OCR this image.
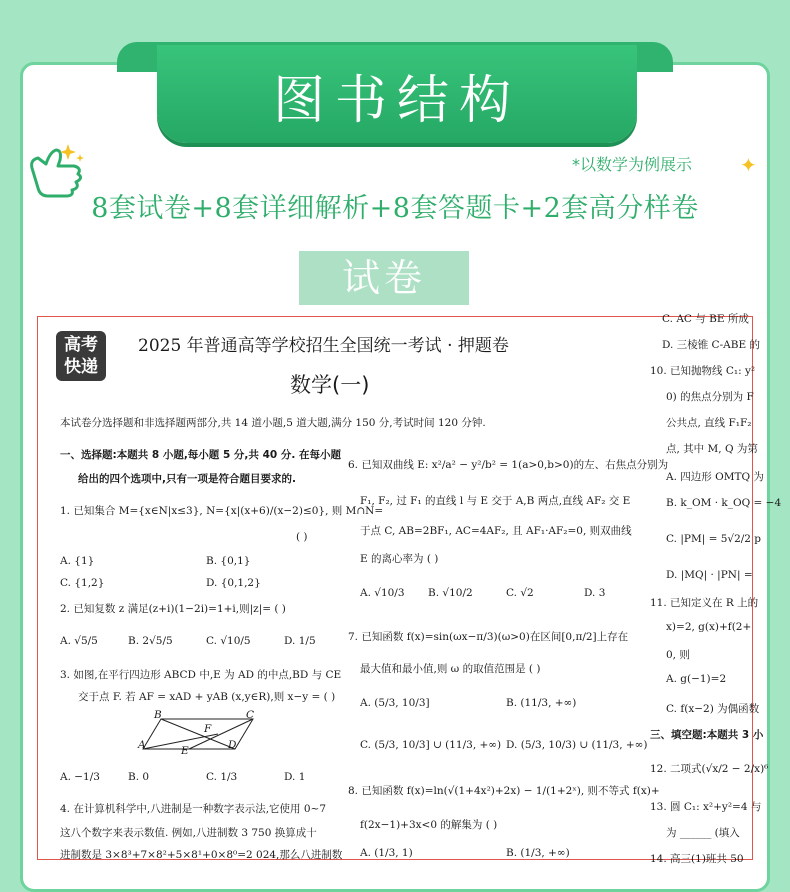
图书结构
*以数学为例展示 ✦
8套试卷+8套详细解析+8套答题卡+2套高分样卷
试卷
高考
快递
2025 年普通高等学校招生全国统一考试 · 押题卷
数学(一)
本试卷分选择题和非选择题两部分,共 14 道小题,5 道大题,满分 150 分,考试时间 120 分钟.
一、选择题:本题共 8 小题,每小题 5 分,共 40 分. 在每小题
给出的四个选项中,只有一项是符合题目要求的.
1. 已知集合 M={x∈N|x≤3}, N={x|(x+6)/(x−2)≤0}, 则 M∩N=
( )
A. {1}	B. {0,1}
C. {1,2}	D. {0,1,2}
2. 已知复数 z 满足(z+i)(1−2i)=1+i,则|z|= ( )
A. √5/5	B. 2√5/5	C. √10/5	D. 1/5
3. 如图,在平行四边形 ABCD 中,E 为 AD 的中点,BD 与 CE
交于点 F. 若 AF = xAD + yAB (x,y∈R),则 x−y = ( )
B	C
A	D
E
F
A. −1/3	B. 0	C. 1/3	D. 1
4. 在计算机科学中,八进制是一种数字表示法,它使用 0~7
这八个数字来表示数值. 例如,八进制数 3 750 换算成十
进制数是 3×8³+7×8²+5×8¹+0×8⁰=2 024,那么八进制数
6. 已知双曲线 E: x²/a² − y²/b² = 1(a>0,b>0)的左、右焦点分别为
F₁, F₂, 过 F₁ 的直线 l 与 E 交于 A,B 两点,直线 AF₂ 交 E
于点 C, AB=2BF₁, AC=4AF₂, 且 AF₁·AF₂=0, 则双曲线
E 的离心率为 ( )
A. √10/3 B. √10/2	C. √2	D. 3
7. 已知函数 f(x)=sin(ωx−π/3)(ω>0)在区间[0,π/2]上存在
最大值和最小值,则 ω 的取值范围是 ( )
A. (5/3, 10/3]	B. (11/3, +∞)
C. (5/3, 10/3] ∪ (11/3, +∞) D. (5/3, 10/3) ∪ (11/3, +∞)
8. 已知函数 f(x)=ln(√(1+4x²)+2x) − 1/(1+2ˣ), 则不等式 f(x)+
f(2x−1)+3x<0 的解集为 ( )
A. (1/3, 1)	B. (1/3, +∞)
C. AC 与 BE 所成
D. 三棱锥 C-ABE 的
10. 已知抛物线 C₁: y²
0) 的焦点分别为 F
公共点, 直线 F₁F₂
点, 其中 M, Q 为第
A. 四边形 OMTQ 为
B. k_OM · k_OQ = −4
C. |PM| = 5√2/2 p
D. |MQ| · |PN| =
11. 已知定义在 R 上的
x)=2, g(x)+f(2+
0, 则
A. g(−1)=2
C. f(x−2) 为偶函数
三、填空题:本题共 3 小
12. 二项式(√x/2 − 2/x)⁶
13. 圆 C₁: x²+y²=4 与
为 ______ (填入
14. 高三(1)班共 50
